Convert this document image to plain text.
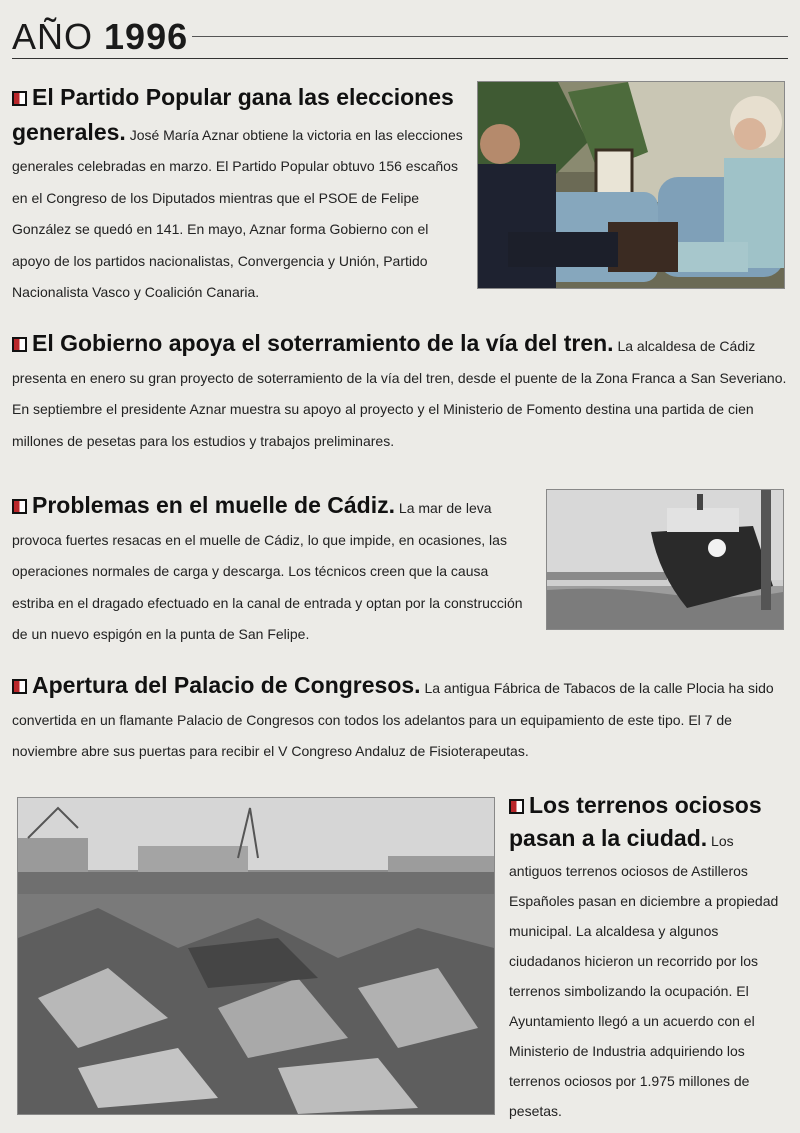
AÑO 1996

El Partido Popular gana las elecciones generales. José María Aznar obtiene la victoria en las elecciones generales celebradas en marzo. El Partido Popular obtuvo 156 escaños en el Congreso de los Diputados mientras que el PSOE de Felipe González se quedó en 141. En mayo, Aznar forma Gobierno con el apoyo de los partidos nacionalistas, Convergencia y Unión, Partido Nacionalista Vasco y Coalición Canaria.

El Gobierno apoya el soterramiento de la vía del tren. La alcaldesa de Cádiz presenta en enero su gran proyecto de soterramiento de la vía del tren, desde el puente de la Zona Franca a San Severiano. En septiembre el presidente Aznar muestra su apoyo al proyecto y el Ministerio de Fomento destina una partida de cien millones de pesetas para los estudios y trabajos preliminares.

Problemas en el muelle de Cádiz. La mar de leva provoca fuertes resacas en el muelle de Cádiz, lo que impide, en ocasiones, las operaciones normales de carga y descarga. Los técnicos creen que la causa estriba en el dragado efectuado en la canal de entrada y optan por la construcción de un nuevo espigón en la punta de San Felipe.

Apertura del Palacio de Congresos. La antigua Fábrica de Tabacos de la calle Plocia ha sido convertida en un flamante Palacio de Congresos con todos los adelantos para un equipamiento de este tipo. El 7 de noviembre abre sus puertas para recibir el V Congreso Andaluz de Fisioterapeutas.

Los terrenos ociosos pasan a la ciudad. Los antiguos terrenos ociosos de Astilleros Españoles pasan en diciembre a propiedad municipal. La alcaldesa y algunos ciudadanos hicieron un recorrido por los terrenos simbolizando la ocupación. El Ayuntamiento llegó a un acuerdo con el Ministerio de Industria adquiriendo los terrenos ociosos por 1.975 millones de pesetas.
